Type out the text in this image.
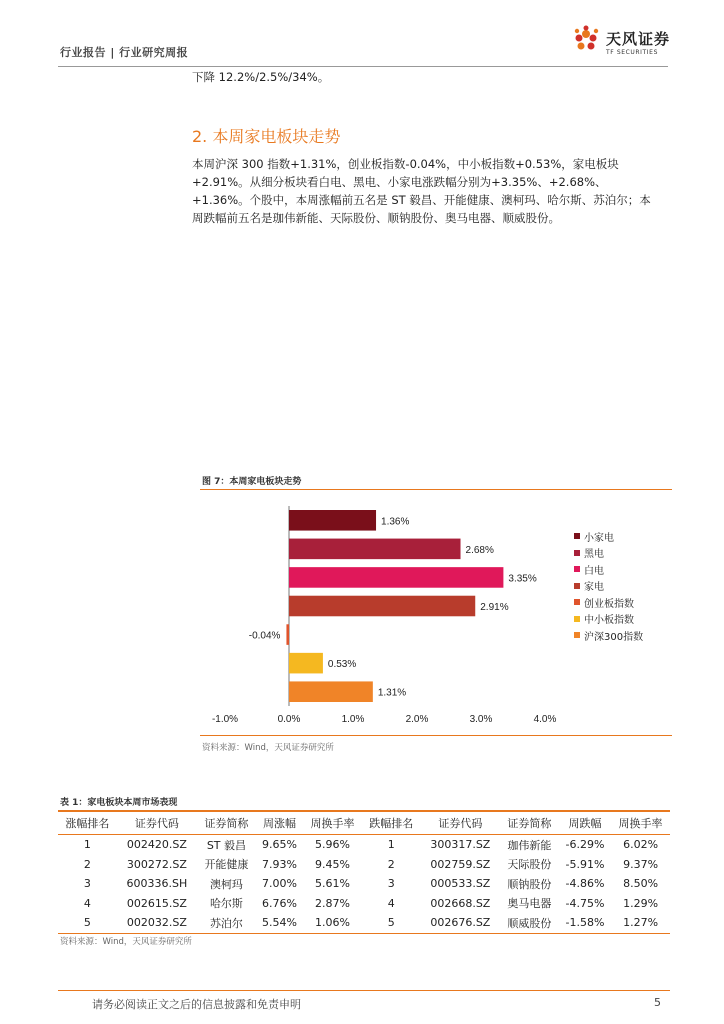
行业报告 | 行业研究周报
天风证券
TF SECURITIES
下降 12.2%/2.5%/34%。
2. 本周家电板块走势
本周沪深 300 指数+1.31%，创业板指数-0.04%，中小板指数+0.53%，家电板块+2.91%。从细分板块看白电、黑电、小家电涨跌幅分别为+3.35%、+2.68%、+1.36%。个股中，本周涨幅前五名是 ST 毅昌、开能健康、澳柯玛、哈尔斯、苏泊尔；本周跌幅前五名是珈伟新能、天际股份、顺钠股份、奥马电器、顺威股份。
图 7：本周家电板块走势
1.36%
2.68%
3.35%
2.91%
-0.04%
0.53%
1.31%
-1.0%	0.0%	1.0%	2.0%	3.0%	4.0%
小家电
黑电
白电
家电
创业板指数
中小板指数
沪深300指数
资料来源：Wind，天风证券研究所
表 1：家电板块本周市场表现
涨幅排名	证券代码	证券简称	周涨幅	周换手率	跌幅排名	证券代码	证券简称	周跌幅	周换手率
1	002420.SZ	ST 毅昌	9.65%	5.96%	1	300317.SZ	珈伟新能	-6.29%	6.02%
2	300272.SZ	开能健康	7.93%	9.45%	2	002759.SZ	天际股份	-5.91%	9.37%
3	600336.SH	澳柯玛	7.00%	5.61%	3	000533.SZ	顺钠股份	-4.86%	8.50%
4	002615.SZ	哈尔斯	6.76%	2.87%	4	002668.SZ	奥马电器	-4.75%	1.29%
5	002032.SZ	苏泊尔	5.54%	1.06%	5	002676.SZ	顺威股份	-1.58%	1.27%
资料来源：Wind，天风证券研究所
请务必阅读正文之后的信息披露和免责申明	5
